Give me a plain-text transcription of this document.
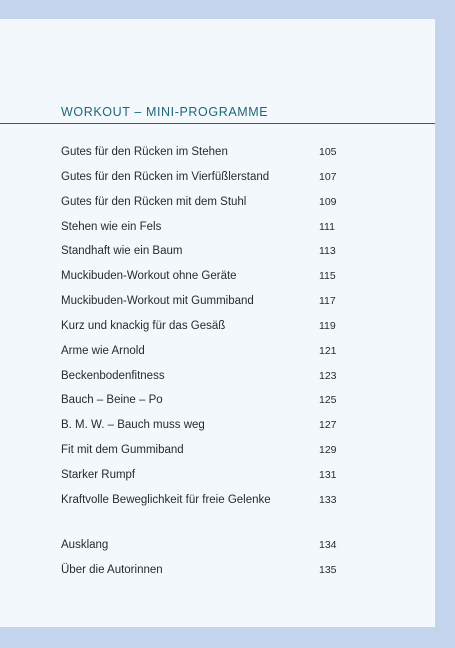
WORKOUT – MINI-PROGRAMME
Gutes für den Rücken im Stehen	105
Gutes für den Rücken im Vierfüßlerstand	107
Gutes für den Rücken mit dem Stuhl	109
Stehen wie ein Fels	111
Standhaft wie ein Baum	113
Muckibuden-Workout ohne Geräte	115
Muckibuden-Workout mit Gummiband	117
Kurz und knackig für das Gesäß	119
Arme wie Arnold	121
Beckenbodenfitness	123
Bauch – Beine – Po	125
B. M. W. – Bauch muss weg	127
Fit mit dem Gummiband	129
Starker Rumpf	131
Kraftvolle Beweglichkeit für freie Gelenke	133
Ausklang	134
Über die Autorinnen	135
